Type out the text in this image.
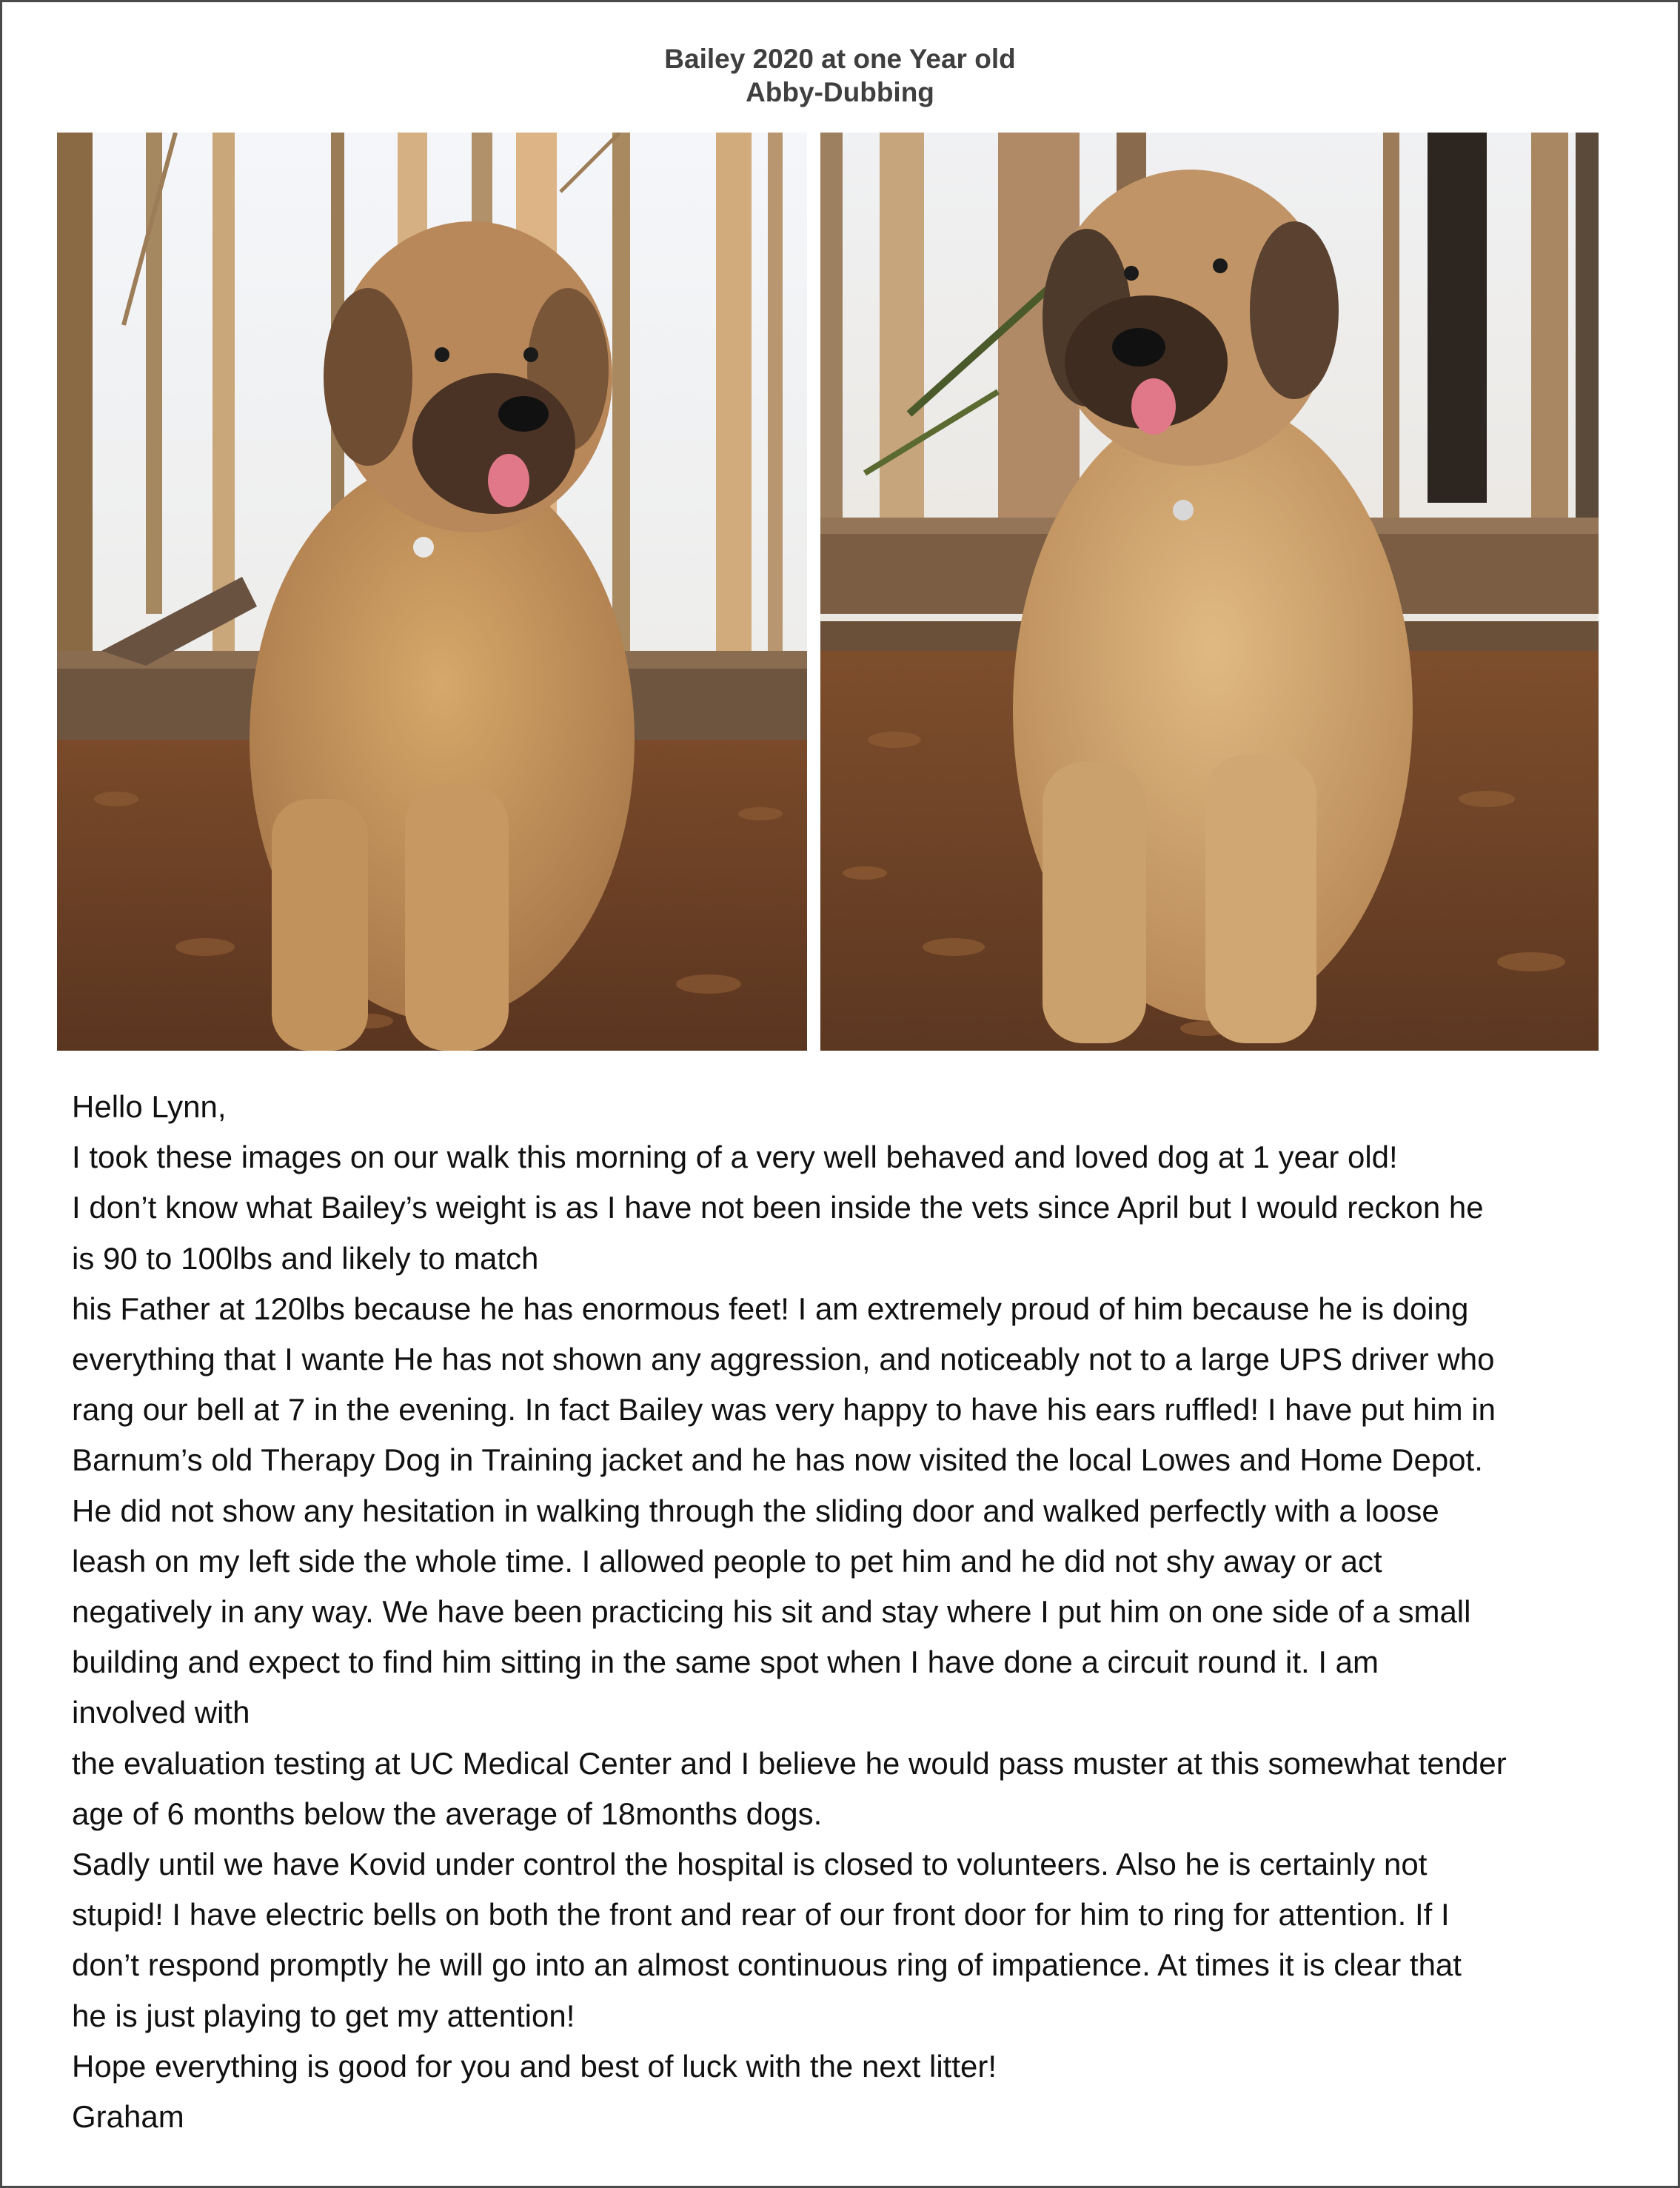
Bailey 2020 at one Year old
Abby-Dubbing

Hello Lynn,

I took these images on our walk this morning of a very well behaved and loved dog at 1 year old!

I don’t know what Bailey’s weight is as I have not been inside the vets since April but I would reckon he

is 90 to 100lbs and likely to match

his Father at 120lbs because he has enormous feet! I am extremely proud of him because he is doing

everything that I wante He has not shown any aggression, and noticeably not to a large UPS driver who

rang our bell at 7 in the evening. In fact Bailey was very happy to have his ears ruffled! I have put him in

Barnum’s old Therapy Dog in Training jacket and he has now visited the local Lowes and Home Depot.

He did not show any hesitation in walking through the sliding door and walked perfectly with a loose

leash on my left side the whole time. I allowed people to pet him and he did not shy away or act

negatively in any way. We have been practicing his sit and stay where I put him on one side of a small

building and expect to find him sitting in the same spot when I have done a circuit round it. I am

involved with

the evaluation testing at UC Medical Center and I believe he would pass muster at this somewhat tender

age of 6 months below the average of 18months dogs.

Sadly until we have Kovid under control the hospital is closed to volunteers. Also he is certainly not

stupid! I have electric bells on both the front and rear of our front door for him to ring for attention. If I

don’t respond promptly he will go into an almost continuous ring of impatience. At times it is clear that

he is just playing to get my attention!

Hope everything is good for you and best of luck with the next litter!

Graham
